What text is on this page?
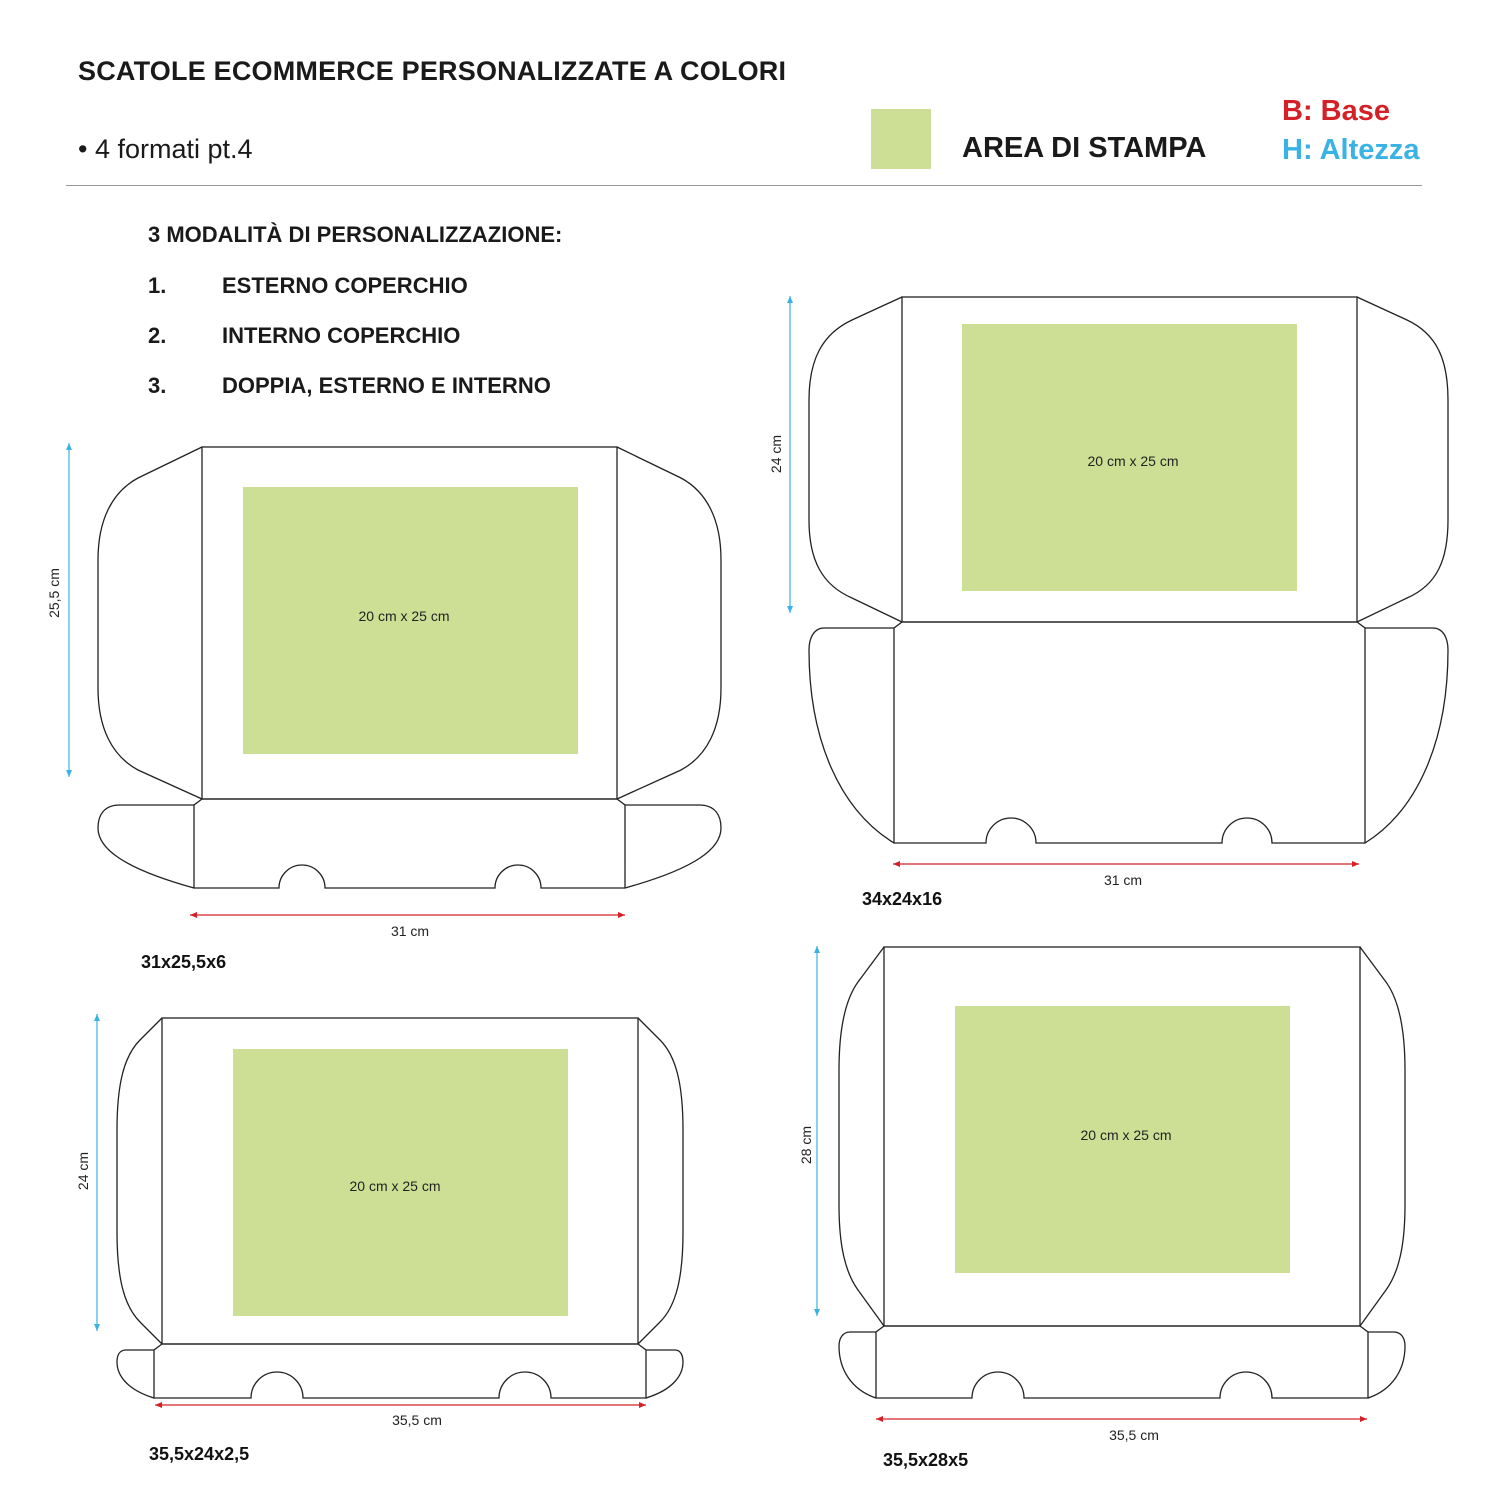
SCATOLE ECOMMERCE PERSONALIZZATE A COLORI
• 4 formati pt.4	AREA DI STAMPA
B: Base
H: Altezza
3 MODALITÀ DI PERSONALIZZAZIONE:
1.	ESTERNO COPERCHIO
2.	INTERNO COPERCHIO
3.	DOPPIA, ESTERNO E INTERNO
20 cm x 25 cm
25,5 cm
31 cm
31x25,5x6
20 cm x 25 cm
24 cm
31 cm
34x24x16
20 cm x 25 cm
24 cm
35,5 cm
35,5x24x2,5
20 cm x 25 cm
28 cm
35,5 cm
35,5x28x5
